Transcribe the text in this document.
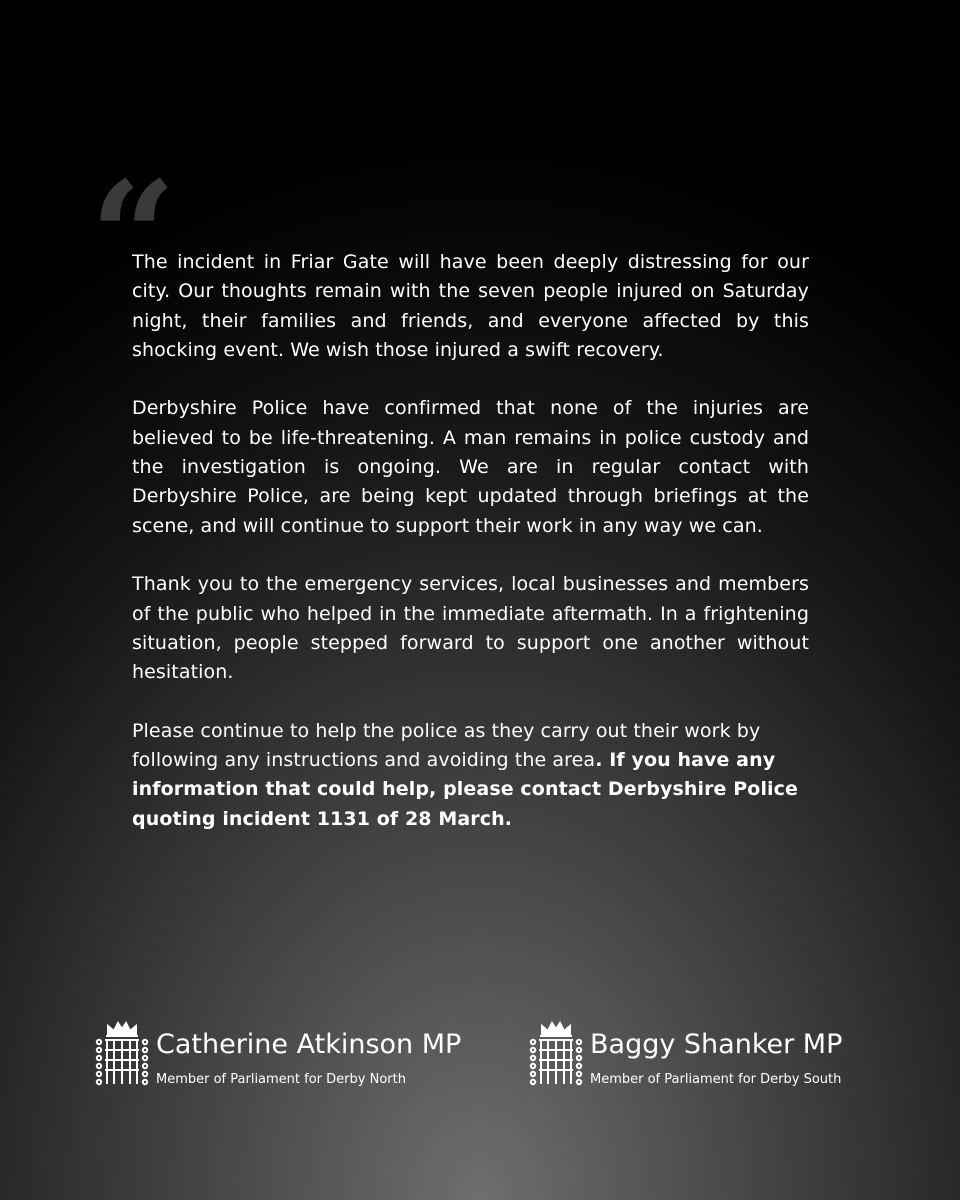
“

The incident in Friar Gate will have been deeply distressing for our city. Our thoughts remain with the seven people injured on Saturday night, their families and friends, and everyone affected by this shocking event. We wish those injured a swift recovery.

Derbyshire Police have confirmed that none of the injuries are believed to be life-threatening. A man remains in police custody and the investigation is ongoing. We are in regular contact with Derbyshire Police, are being kept updated through briefings at the scene, and will continue to support their work in any way we can.

Thank you to the emergency services, local businesses and members of the public who helped in the immediate aftermath. In a frightening situation, people stepped forward to support one another without hesitation.

Please continue to help the police as they carry out their work by following any instructions and avoiding the area. If you have any information that could help, please contact Derbyshire Police quoting incident 1131 of 28 March.

Catherine Atkinson MP
Member of Parliament for Derby North
Baggy Shanker MP
Member of Parliament for Derby South
